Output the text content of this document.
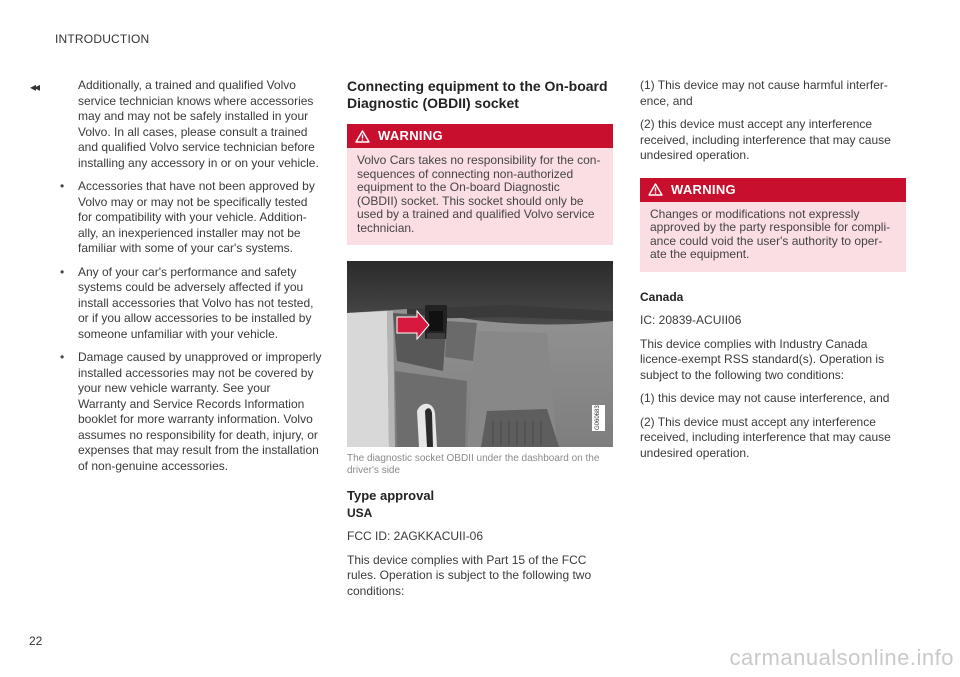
INTRODUCTION
◂◂
22

Additionally, a trained and qualified Volvo service technician knows where accessories may and may not be safely installed in your Volvo. In all cases, please consult a trained and qualified Volvo service technician before installing any accessory in or on your vehicle.

• Accessories that have not been approved by Volvo may or may not be specifically tested for compatibility with your vehicle. Addition-ally, an inexperienced installer may not be familiar with some of your car's systems.
• Any of your car's performance and safety systems could be adversely affected if you install accessories that Volvo has not tested, or if you allow accessories to be installed by someone unfamiliar with your vehicle.
• Damage caused by unapproved or improperly installed accessories may not be covered by your new vehicle warranty. See your Warranty and Service Records Information booklet for more warranty information. Volvo assumes no responsibility for death, injury, or expenses that may result from the installation of non-genuine accessories.
Connecting equipment to the On-board Diagnostic (OBDII) socket
WARNING
Volvo Cars takes no responsibility for the con-sequences of connecting non-authorized equipment to the On-board Diagnostic (OBDII) socket. This socket should only be used by a trained and qualified Volvo service technician.
G060683
The diagnostic socket OBDII under the dashboard on the driver's side
Type approval
USA

FCC ID: 2AGKKACUII-06

This device complies with Part 15 of the FCC rules. Operation is subject to the following two conditions:

(1) This device may not cause harmful interfer-ence, and

(2) this device must accept any interference received, including interference that may cause undesired operation.

WARNING
Changes or modifications not expressly approved by the party responsible for compli-ance could void the user's authority to oper-ate the equipment.
Canada

IC: 20839-ACUII06

This device complies with Industry Canada licence-exempt RSS standard(s). Operation is subject to the following two conditions:

(1) this device may not cause interference, and

(2) This device must accept any interference received, including interference that may cause undesired operation.

carmanualsonline.info
